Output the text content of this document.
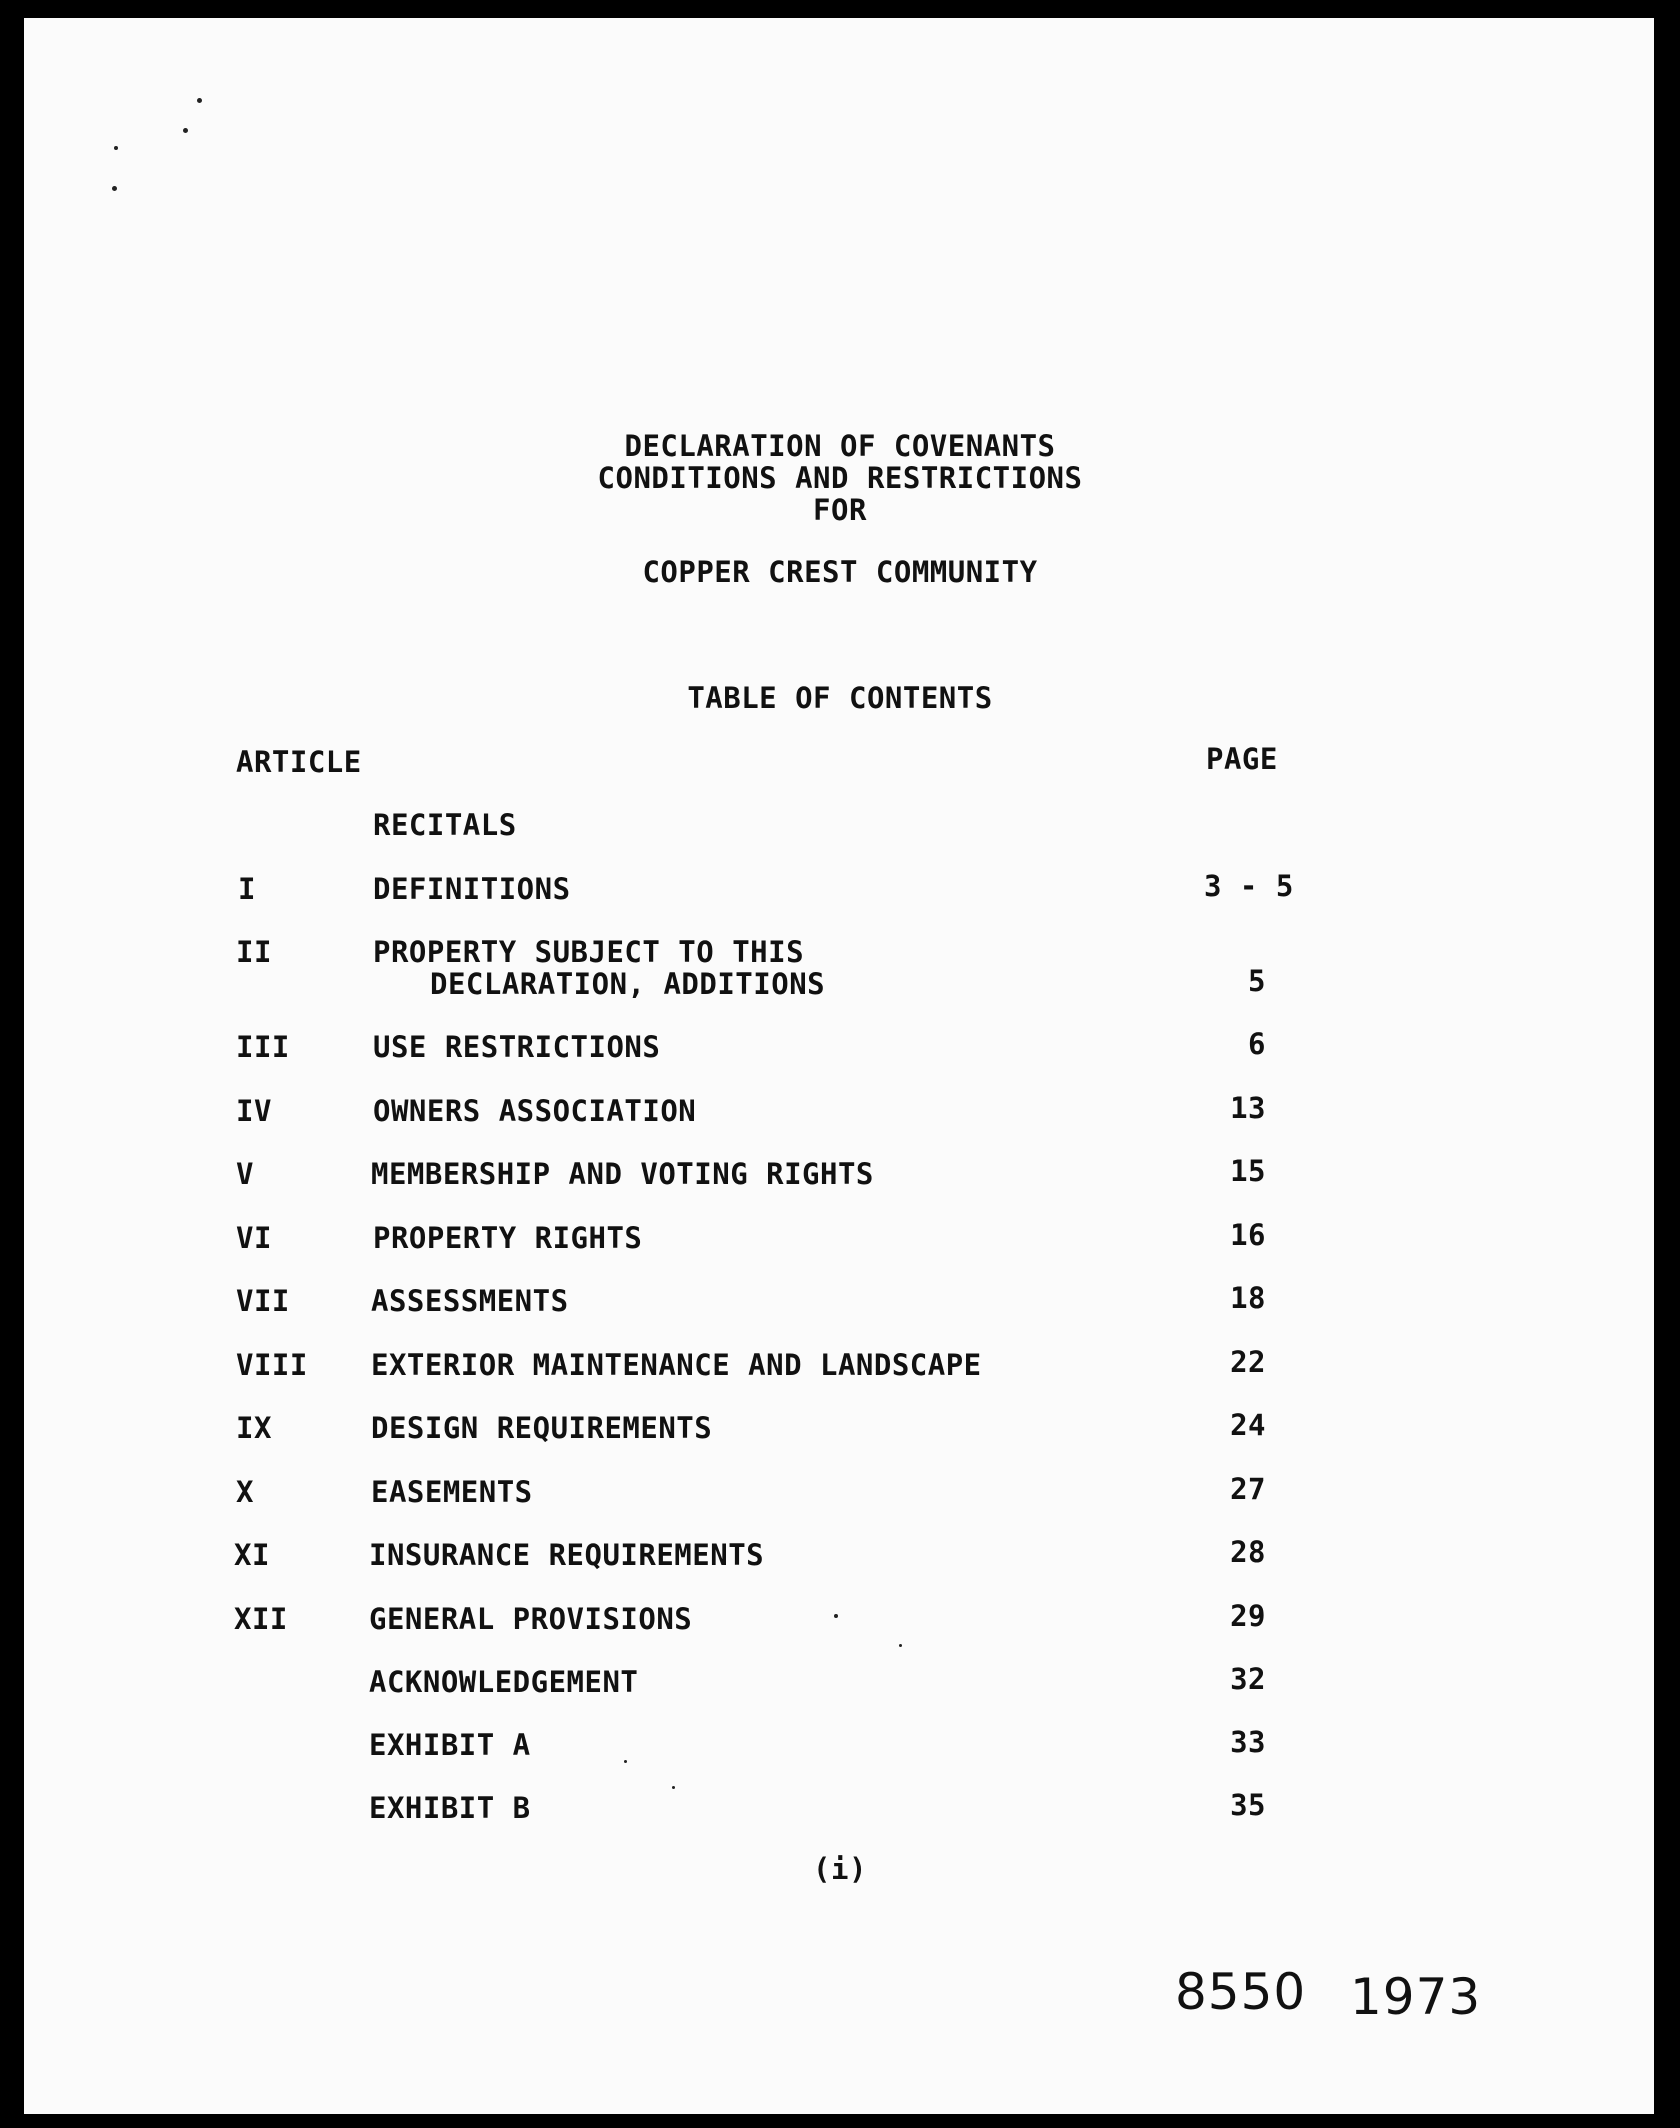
DECLARATION OF COVENANTS
CONDITIONS AND RESTRICTIONS
FOR
COPPER CREST COMMUNITY
TABLE OF CONTENTS
ARTICLE	PAGE
RECITALS
I	DEFINITIONS	3 - 5
II	PROPERTY SUBJECT TO THIS
DECLARATION, ADDITIONS	5
III	USE RESTRICTIONS	6
IV	OWNERS ASSOCIATION	13
V	MEMBERSHIP AND VOTING RIGHTS	15
VI	PROPERTY RIGHTS	16
VII	ASSESSMENTS	18
VIII EXTERIOR MAINTENANCE AND LANDSCAPE	22
IX	DESIGN REQUIREMENTS	24
X	EASEMENTS	27
XI	INSURANCE REQUIREMENTS	28
XII	GENERAL PROVISIONS	29
ACKNOWLEDGEMENT	32
EXHIBIT A	33
EXHIBIT B	35
(i)
8550 1973
